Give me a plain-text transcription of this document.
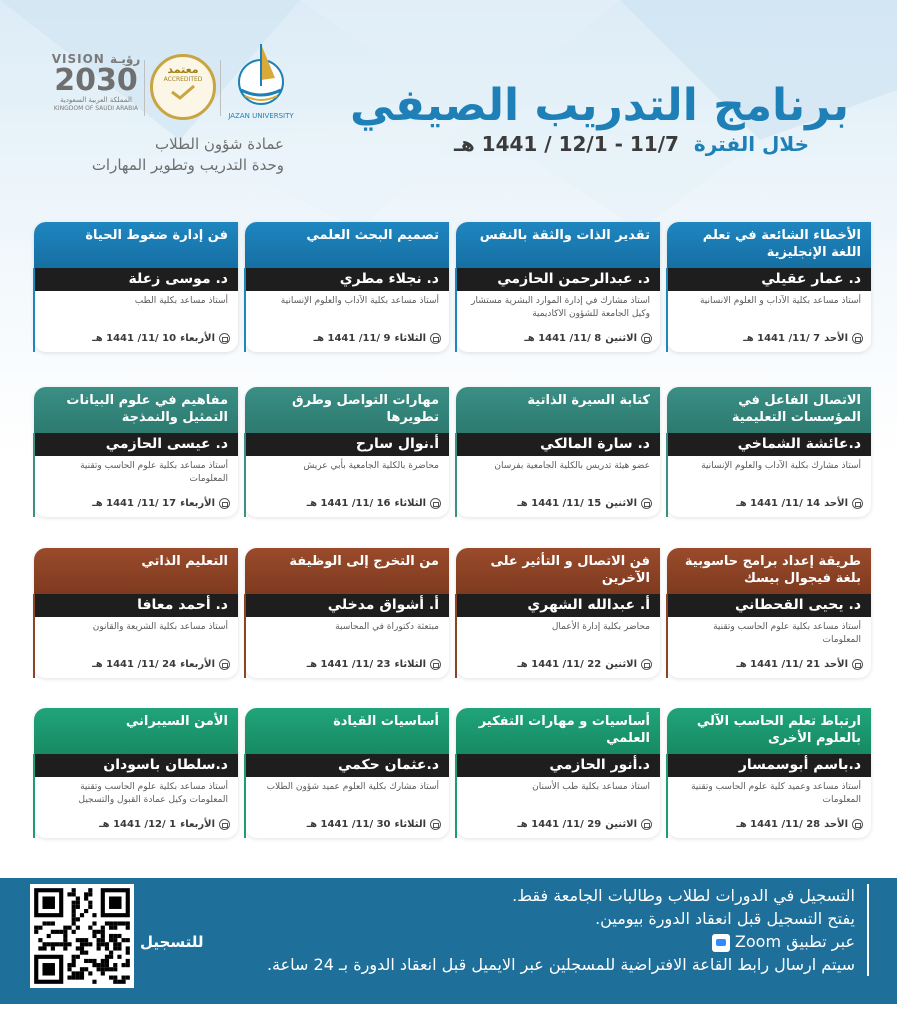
برنامج التدريب الصيفي
خلال الفترة 11/7 - 12/1 / 1441 هـ
VISION رؤيـة
2030
المملكة العربية السعودية
KINGDOM OF SAUDI ARABIA
معتمد
ACCREDITED
JAZAN UNIVERSITY
عمادة شؤون الطلاب
وحدة التدريب وتطوير المهارات
الأخطاء الشائعة في تعلم اللغة الإنجليزية
د. عمار عقيلي
أستاذ مساعد بكلية الآداب و العلوم الانسانية
الأحد
7 /11/ 1441 هـ
تقدير الذات والثقة بالنفس
د. عبدالرحمن الحازمي
استاذ مشارك في إدارة الموارد البشرية مستشار وكيل الجامعة للشؤون الاكاديمية
الاثنين
8 /11/ 1441 هـ
تصميم البحث العلمي
د. نجلاء مطري
أستاذ مساعد بكلية الآداب والعلوم الإنسانية
الثلاثاء
9 /11/ 1441 هـ
فن إدارة ضغوط الحياة
د. موسى زعلة
أستاذ مساعد بكلية الطب
الأربعاء
10 /11/ 1441 هـ
الاتصال الفاعل في المؤسسات التعليمية
د.عائشة الشماخي
أستاذ مشارك بكلية الآداب والعلوم الإنسانية
الأحد
14 /11/ 1441 هـ
كتابة السيرة الذاتية
د. سارة المالكي
عضو هيئة تدريس بالكلية الجامعية بفرسان
الاثنين
15 /11/ 1441 هـ
مهارات التواصل وطرق تطويرها
أ.نوال سارح
محاضرة بالكلية الجامعية بأبي عريش
الثلاثاء
16 /11/ 1441 هـ
مفاهيم في علوم البيانات التمثيل والنمذجة
د. عيسى الحازمي
أستاذ مساعد بكلية علوم الحاسب وتقنية المعلومات
الأربعاء
17 /11/ 1441 هـ
طريقة إعداد برامج حاسوبية بلغة فيجوال بيسك
د. يحيى القحطاني
أستاذ مساعد بكلية علوم الحاسب وتقنية المعلومات
الأحد
21 /11/ 1441 هـ
فن الاتصال و التأثير على الآخرين
أ. عبدالله الشهري
محاضر بكلية إدارة الأعمال
الاثنين
22 /11/ 1441 هـ
من التخرج إلى الوظيفة
أ. أشواق مدخلي
مبتعثة دكتوراة في المحاسبة
الثلاثاء
23 /11/ 1441 هـ
التعليم الذاتي
د. أحمد معافا
أستاذ مساعد بكلية الشريعة والقانون
الأربعاء
24 /11/ 1441 هـ
ارتباط تعلم الحاسب الآلي بالعلوم الأخرى
د.باسم أبوسمسار
أستاذ مساعد وعميد كلية علوم الحاسب وتقنية المعلومات
الأحد
28 /11/ 1441 هـ
أساسيات و مهارات التفكير العلمي
د.أنور الحازمي
استاذ مساعد بكلية طب الأسنان
الاثنين
29 /11/ 1441 هـ
أساسيات القيادة
د.عثمان حكمي
أستاذ مشارك بكلية العلوم عميد شؤون الطلاب
الثلاثاء
30 /11/ 1441 هـ
الأمن السيبراني
د.سلطان باسودان
أستاذ مساعد بكلية علوم الحاسب وتقنية المعلومات وكيل عمادة القبول والتسجيل
الأربعاء
1 /12/ 1441 هـ
التسجيل في الدورات لطلاب وطالبات الجامعة فقط.
يفتح التسجيل قبل انعقاد الدورة بيومين.
عبر تطبيق Zoom
سيتم ارسال رابط القاعة الافتراضية للمسجلين عبر الايميل قبل انعقاد الدورة بـ 24 ساعة.
للتسجيل
